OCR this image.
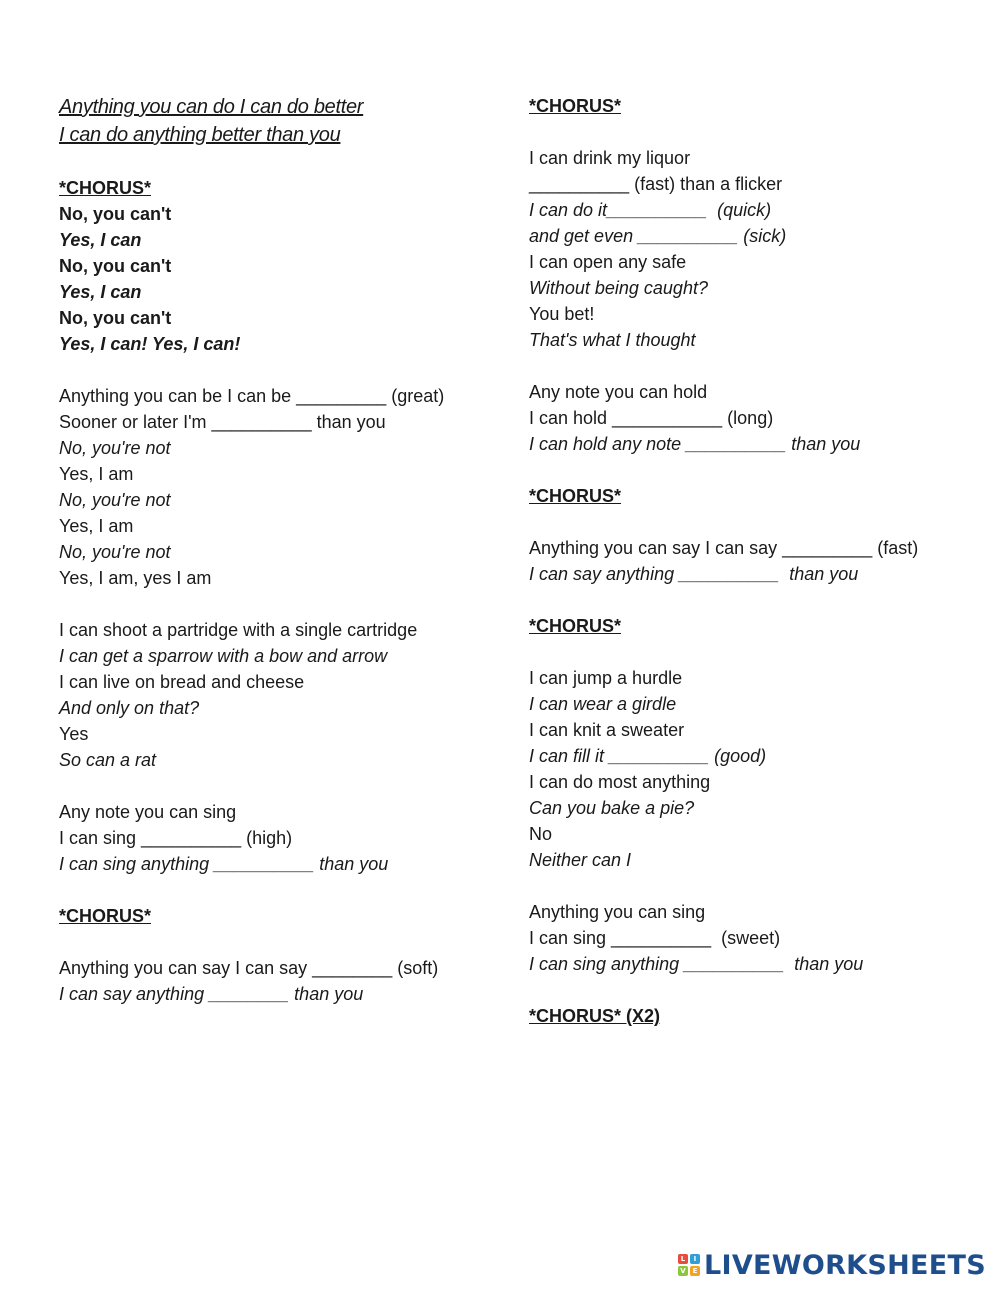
Anything you can do I can do better
I can do anything better than you
*CHORUS*
No, you can't
Yes, I can
No, you can't
Yes, I can
No, you can't
Yes, I can! Yes, I can!
Anything you can be I can be _________ (great)
Sooner or later I'm __________ than you
No, you're not
Yes, I am
No, you're not
Yes, I am
No, you're not
Yes, I am, yes I am
I can shoot a partridge with a single cartridge
I can get a sparrow with a bow and arrow
I can live on bread and cheese
And only on that?
Yes
So can a rat
Any note you can sing
I can sing __________ (high)
I can sing anything __________ than you
*CHORUS*
Anything you can say I can say ________ (soft)
I can say anything ________ than you
*CHORUS*
I can drink my liquor
__________ (fast) than a flicker
I can do it__________  (quick)
and get even __________ (sick)
I can open any safe
Without being caught?
You bet!
That's what I thought
Any note you can hold
I can hold ___________ (long)
I can hold any note __________ than you
*CHORUS*
Anything you can say I can say _________ (fast)
I can say anything __________  than you
*CHORUS*
I can jump a hurdle
I can wear a girdle
I can knit a sweater
I can fill it __________ (good)
I can do most anything
Can you bake a pie?
No
Neither can I
Anything you can sing
I can sing __________  (sweet)
I can sing anything __________  than you
*CHORUS* (X2)
L	I
V E LIVEWORKSHEETS
